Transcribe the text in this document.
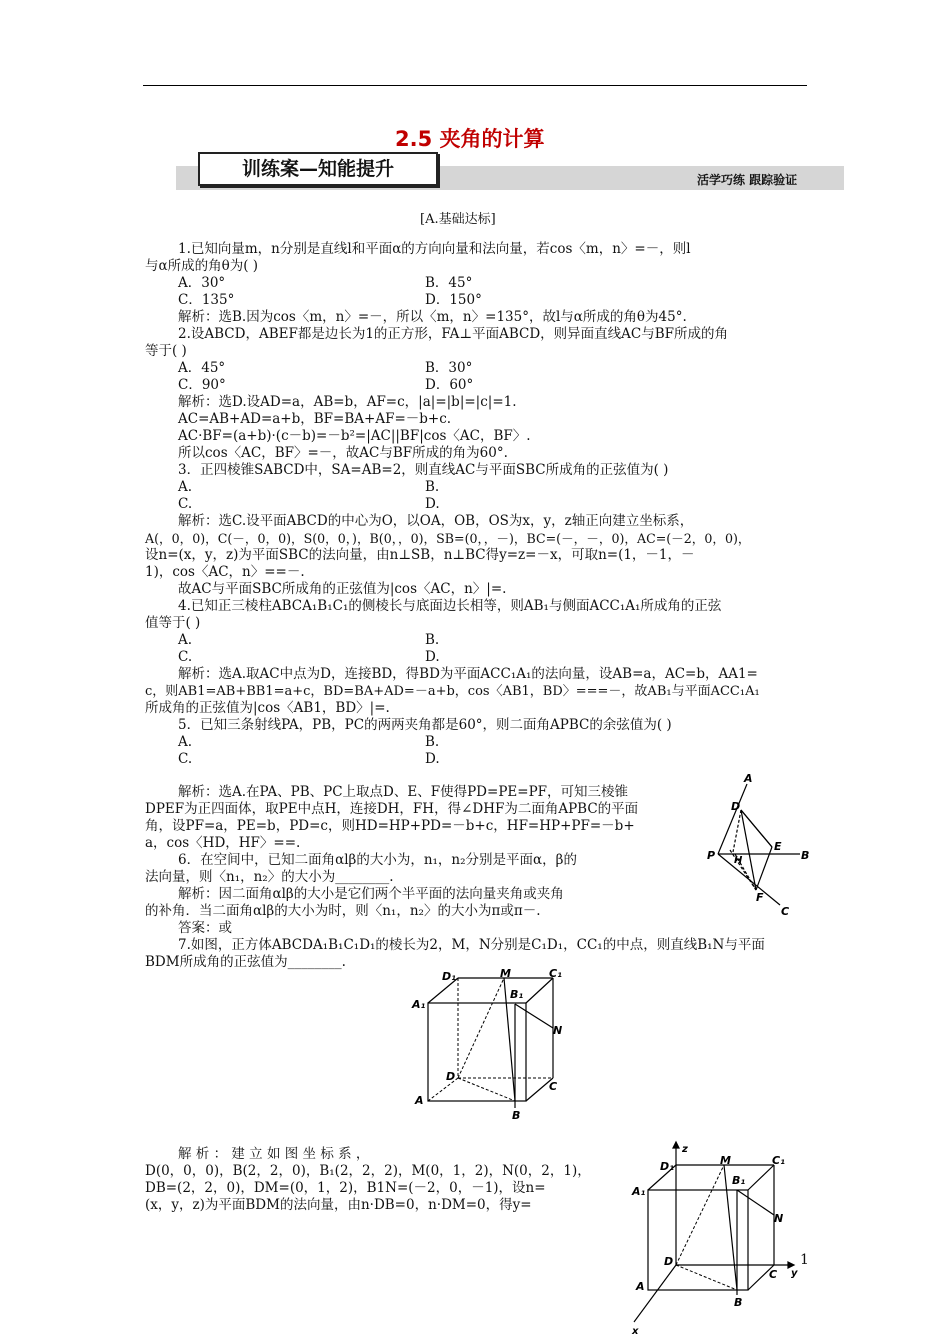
2.5 夹角的计算
训练案—知能提升	活学巧练 跟踪验证
[A.基础达标]
1.已知向量m，n分别是直线l和平面α的方向向量和法向量，若cos〈m，n〉=－，则l
与α所成的角θ为( )
A．30°	B．45°
C．135°	D．150°
解析：选B.因为cos〈m，n〉=－，所以〈m，n〉=135°，故l与α所成的角θ为45°.
2.设ABCD，ABEF都是边长为1的正方形，FA⊥平面ABCD，则异面直线AC与BF所成的角
等于( )
A．45°	B．30°
C．90°	D．60°
解析：选D.设AD=a，AB=b，AF=c，|a|=|b|=|c|=1.
AC=AB+AD=a+b，BF=BA+AF=－b+c.
AC·BF=(a+b)·(c－b)=－b²=|AC||BF|cos〈AC，BF〉.
所以cos〈AC，BF〉=－，故AC与BF所成的角为60°.
3．正四棱锥SABCD中，SA=AB=2，则直线AC与平面SBC所成角的正弦值为( )
A.	B.
C.	D.
解析：选C.设平面ABCD的中心为O，以OA，OB，OS为x，y，z轴正向建立坐标系，
A(，0，0)，C(－，0，0)，S(0，0，)，B(0，，0)，SB=(0，，－)，BC=(－，－，0)，AC=(－2，0，0)，
设n=(x，y，z)为平面SBC的法向量，由n⊥SB，n⊥BC得y=z=－x，可取n=(1，－1，－
1)，cos〈AC，n〉==－.
故AC与平面SBC所成角的正弦值为|cos〈AC，n〉|=.
4.已知正三棱柱ABCA₁B₁C₁的侧棱长与底面边长相等，则AB₁与侧面ACC₁A₁所成角的正弦
值等于( )
A.	B.
C.	D.
解析：选A.取AC中点为D，连接BD，得BD为平面ACC₁A₁的法向量，设AB=a，AC=b，AA1=
c，则AB1=AB+BB1=a+c，BD=BA+AD=－a+b，cos〈AB1，BD〉===－，故AB₁与平面ACC₁A₁
所成角的正弦值为|cos〈AB1，BD〉|=.
5．已知三条射线PA，PB，PC的两两夹角都是60°，则二面角APBC的余弦值为( )
A.	B.
C.	D.
解析：选A.在PA、PB、PC上取点D、E、F使得PD=PE=PF，可知三棱锥
DPEF为正四面体，取PE中点H，连接DH，FH，得∠DHF为二面角APBC的平面
角，设PF=a，PE=b，PD=c，则HD=HP+PD=－b+c，HF=HP+PF=－b+
a，cos〈HD，HF〉==.
6．在空间中，已知二面角αlβ的大小为，n₁，n₂分别是平面α，β的
法向量，则〈n₁，n₂〉的大小为________.
解析：因二面角αlβ的大小是它们两个半平面的法向量夹角或夹角
的补角．当二面角αlβ的大小为时，则〈n₁，n₂〉的大小为π或π－.
答案：或
7.如图，正方体ABCDA₁B₁C₁D₁的棱长为2，M，N分别是C₁D₁，CC₁的中点，则直线B₁N与平面
BDM所成角的正弦值为________.
解 析 ： 建 立 如 图 坐 标 系 ，
D(0，0，0)，B(2，2，0)，B₁(2，2，2)，M(0，1，2)，N(0，2，1)，
DB=(2，2，0)，DM=(0，1，2)，B1N=(－2，0，－1)，设n=
(x，y，z)为平面BDM的法向量，由n·DB=0，n·DM=0，得y=
A
D
E
B
P H
F
C
D₁	M	C₁
B₁
A₁
N
D
C
A
B
z
y
x
D₁	M	C₁
B₁
A₁
N
D
C
A
B
1
